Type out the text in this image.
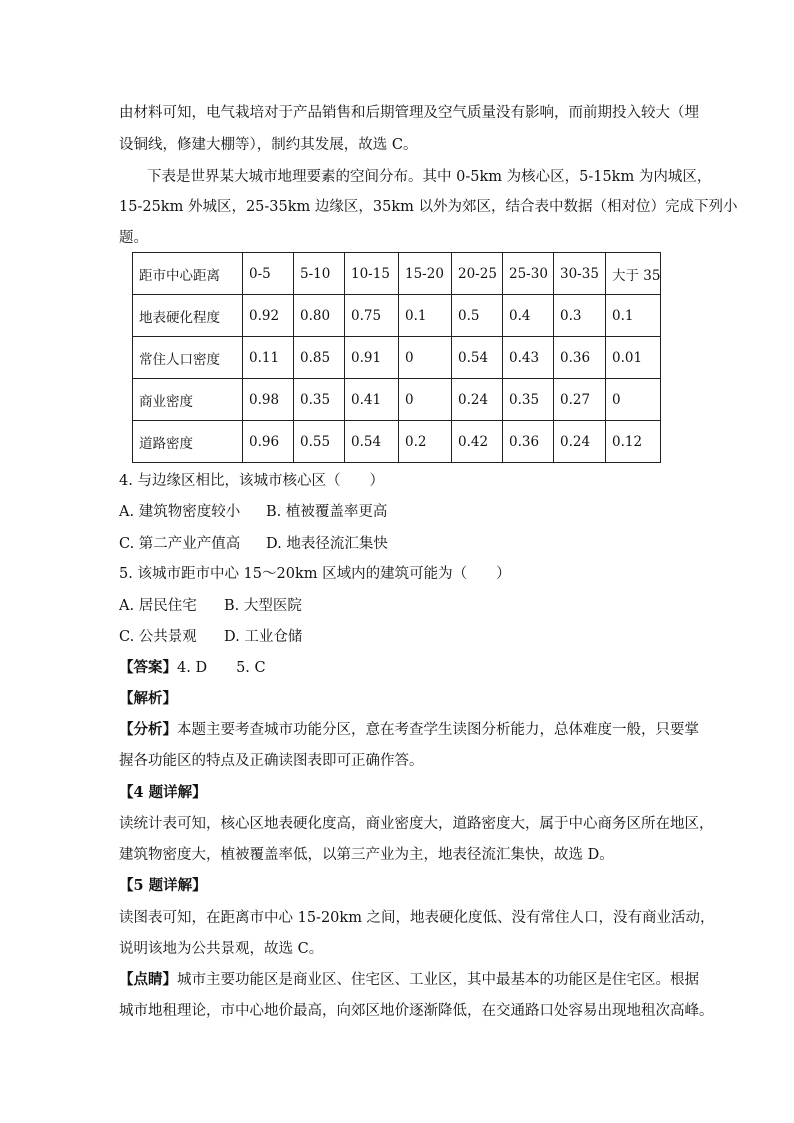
由材料可知，电气栽培对于产品销售和后期管理及空气质量没有影响，而前期投入较大（埋
设铜线，修建大棚等），制约其发展，故选 C。
下表是世界某大城市地理要素的空间分布。其中 0-5km 为核心区，5-15km 为内城区，
15-25km 外城区，25-35km 边缘区，35km 以外为郊区，结合表中数据（相对位）完成下列小
题。
距市中心距离	0-5	5-10	10-15	15-20	20-25	25-30	30-35	大于 35
地表硬化程度	0.92	0.80	0.75	0.1	0.5	0.4	0.3	0.1
常住人口密度	0.11	0.85	0.91	0	0.54	0.43	0.36	0.01
商业密度	0.98	0.35	0.41	0	0.24	0.35	0.27	0
道路密度	0.96	0.55	0.54	0.2	0.42	0.36	0.24	0.12
4. 与边缘区相比，该城市核心区（　　）
A. 建筑物密度较小 B. 植被覆盖率更高
C. 第二产业产值高 D. 地表径流汇集快
5. 该城市距市中心 15～20km 区域内的建筑可能为（　　）
A. 居民住宅 B. 大型医院
C. 公共景观 D. 工业仓储
【答案】4. D　　5. C
【解析】
【分析】本题主要考查城市功能分区，意在考查学生读图分析能力，总体难度一般，只要掌
握各功能区的特点及正确读图表即可正确作答。
【4 题详解】
读统计表可知，核心区地表硬化度高，商业密度大，道路密度大，属于中心商务区所在地区，
建筑物密度大，植被覆盖率低，以第三产业为主，地表径流汇集快，故选 D。
【5 题详解】
读图表可知，在距离市中心 15-20km 之间，地表硬化度低、没有常住人口，没有商业活动，
说明该地为公共景观，故选 C。
【点睛】城市主要功能区是商业区、住宅区、工业区，其中最基本的功能区是住宅区。根据
城市地租理论，市中心地价最高，向郊区地价逐渐降低，在交通路口处容易出现地租次高峰。
